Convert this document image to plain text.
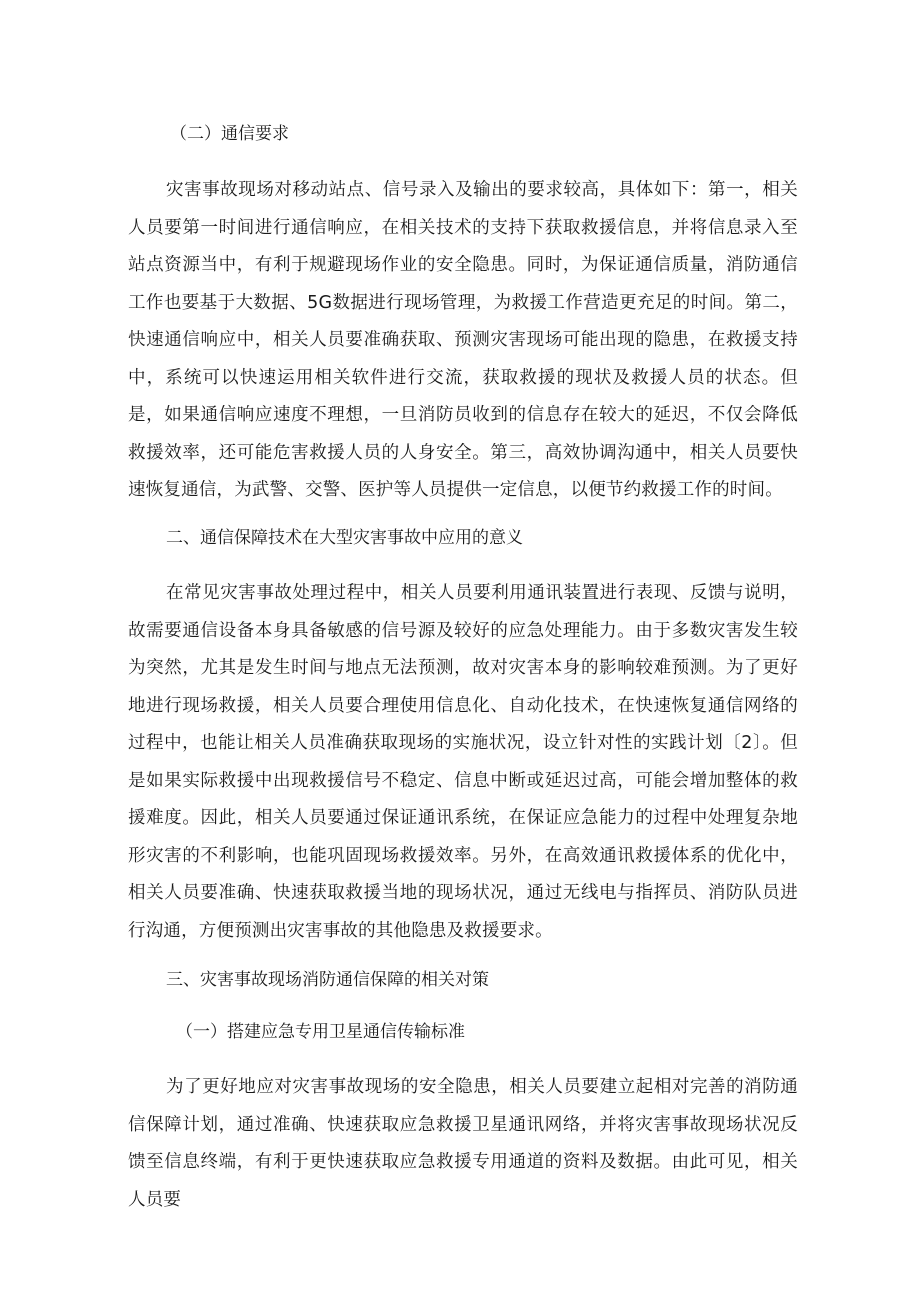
（二）通信要求

灾害事故现场对移动站点、信号录入及输出的要求较高，具体如下：第一，相关人员要第一时间进行通信响应，在相关技术的支持下获取救援信息，并将信息录入至站点资源当中，有利于规避现场作业的安全隐患。同时，为保证通信质量，消防通信工作也要基于大数据、5G数据进行现场管理，为救援工作营造更充足的时间。第二，快速通信响应中，相关人员要准确获取、预测灾害现场可能出现的隐患，在救援支持中，系统可以快速运用相关软件进行交流，获取救援的现状及救援人员的状态。但是，如果通信响应速度不理想，一旦消防员收到的信息存在较大的延迟，不仅会降低救援效率，还可能危害救援人员的人身安全。第三，高效协调沟通中，相关人员要快速恢复通信，为武警、交警、医护等人员提供一定信息，以便节约救援工作的时间。

二、通信保障技术在大型灾害事故中应用的意义

在常见灾害事故处理过程中，相关人员要利用通讯装置进行表现、反馈与说明，故需要通信设备本身具备敏感的信号源及较好的应急处理能力。由于多数灾害发生较为突然，尤其是发生时间与地点无法预测，故对灾害本身的影响较难预测。为了更好地进行现场救援，相关人员要合理使用信息化、自动化技术，在快速恢复通信网络的过程中，也能让相关人员准确获取现场的实施状况，设立针对性的实践计划〔2〕。但是如果实际救援中出现救援信号不稳定、信息中断或延迟过高，可能会增加整体的救援难度。因此，相关人员要通过保证通讯系统，在保证应急能力的过程中处理复杂地形灾害的不利影响，也能巩固现场救援效率。另外，在高效通讯救援体系的优化中，相关人员要准确、快速获取救援当地的现场状况，通过无线电与指挥员、消防队员进行沟通，方便预测出灾害事故的其他隐患及救援要求。

三、灾害事故现场消防通信保障的相关对策
（一）搭建应急专用卫星通信传输标准

为了更好地应对灾害事故现场的安全隐患，相关人员要建立起相对完善的消防通信保障计划，通过准确、快速获取应急救援卫星通讯网络，并将灾害事故现场状况反馈至信息终端，有利于更快速获取应急救援专用通道的资料及数据。由此可见，相关人员要
